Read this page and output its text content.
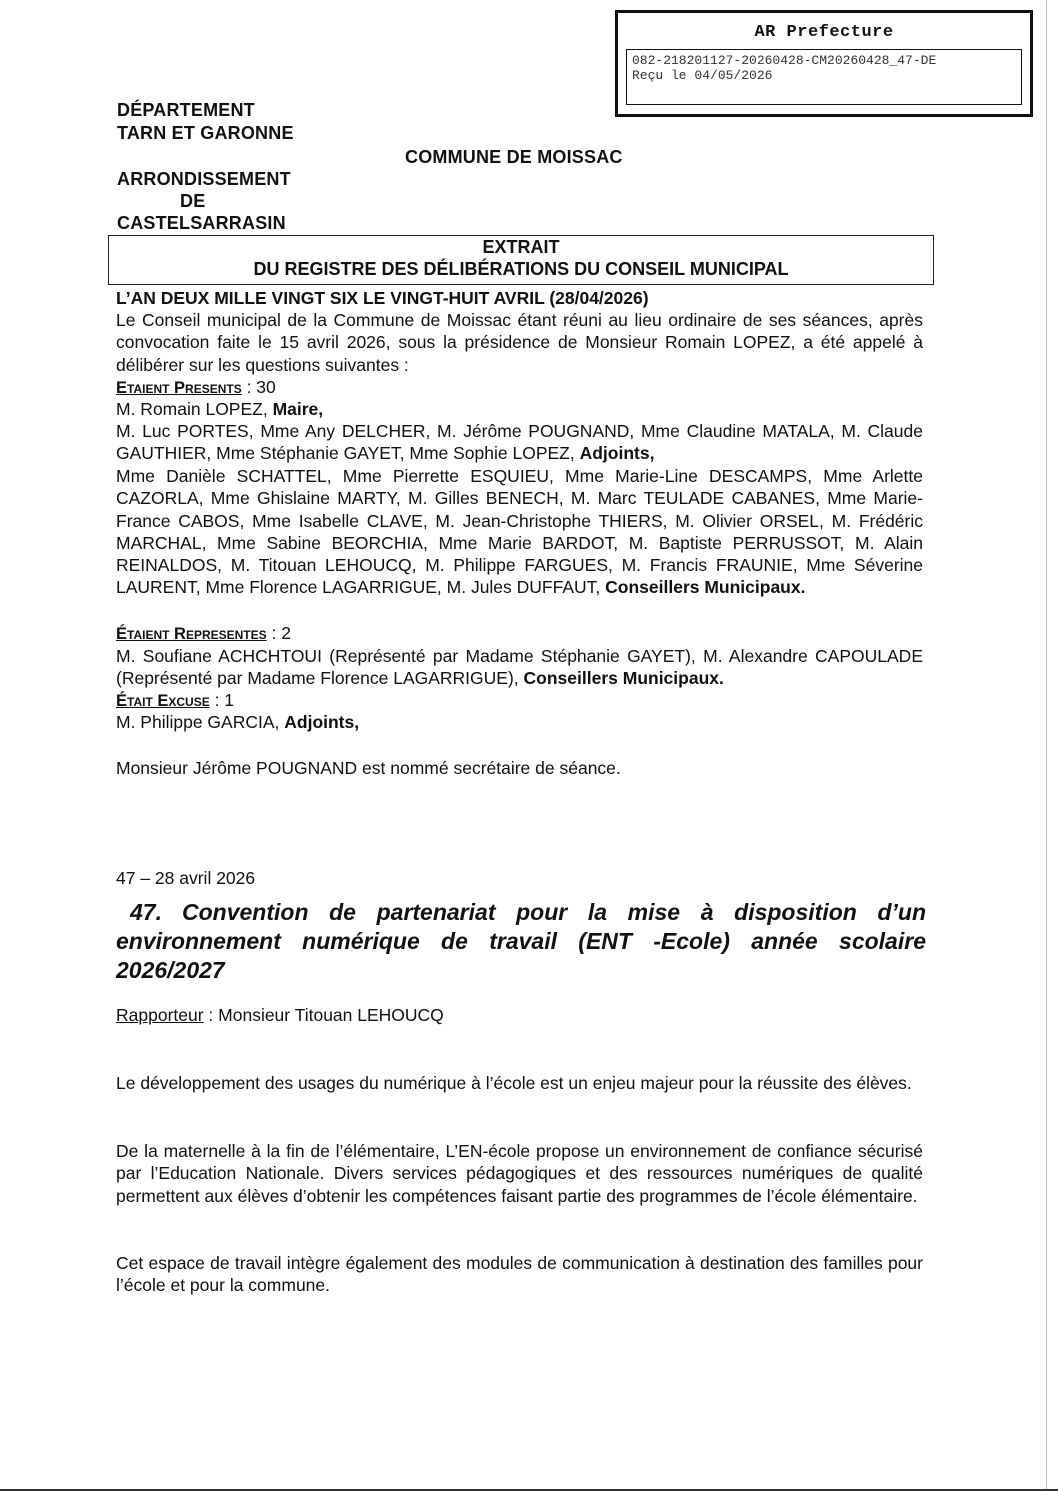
AR Prefecture
082-218201127-20260428-CM20260428_47-DE
Reçu le 04/05/2026
DÉPARTEMENT
TARN ET GARONNE
COMMUNE DE MOISSAC
ARRONDISSEMENT
DE
CASTELSARRASIN
EXTRAIT
DU REGISTRE DES DÉLIBÉRATIONS DU CONSEIL MUNICIPAL
L’AN DEUX MILLE VINGT SIX LE VINGT-HUIT AVRIL (28/04/2026)
Le Conseil municipal de la Commune de Moissac étant réuni au lieu ordinaire de ses séances, après convocation faite le 15 avril 2026, sous la présidence de Monsieur Romain LOPEZ, a été appelé à délibérer sur les questions suivantes :
Etaient Presents : 30
M. Romain LOPEZ, Maire,
M. Luc PORTES, Mme Any DELCHER, M. Jérôme POUGNAND, Mme Claudine MATALA, M. Claude GAUTHIER, Mme Stéphanie GAYET, Mme Sophie LOPEZ, Adjoints,
Mme Danièle SCHATTEL, Mme Pierrette ESQUIEU, Mme Marie-Line DESCAMPS, Mme Arlette CAZORLA, Mme Ghislaine MARTY, M. Gilles BENECH, M. Marc TEULADE CABANES, Mme Marie-France CABOS, Mme Isabelle CLAVE, M. Jean-Christophe THIERS, M. Olivier ORSEL, M. Frédéric MARCHAL, Mme Sabine BEORCHIA, Mme Marie BARDOT, M. Baptiste PERRUSSOT, M. Alain REINALDOS, M. Titouan LEHOUCQ, M. Philippe FARGUES, M. Francis FRAUNIE, Mme Séverine LAURENT, Mme Florence LAGARRIGUE, M. Jules DUFFAUT, Conseillers Municipaux.
Étaient Representes : 2
M. Soufiane ACHCHTOUI (Représenté par Madame Stéphanie GAYET), M. Alexandre CAPOULADE (Représenté par Madame Florence LAGARRIGUE), Conseillers Municipaux.
Était Excuse : 1
M. Philippe GARCIA, Adjoints,
Monsieur Jérôme POUGNAND est nommé secrétaire de séance.
47 – 28 avril 2026
47. Convention de partenariat pour la mise à disposition d’un environnement numérique de travail (ENT -Ecole) année scolaire 2026/2027
Rapporteur : Monsieur Titouan LEHOUCQ
Le développement des usages du numérique à l’école est un enjeu majeur pour la réussite des élèves.
De la maternelle à la fin de l’élémentaire, L’EN-école propose un environnement de confiance sécurisé par l’Education Nationale. Divers services pédagogiques et des ressources numériques de qualité permettent aux élèves d’obtenir les compétences faisant partie des programmes de l’école élémentaire.
Cet espace de travail intègre également des modules de communication à destination des familles pour l’école et pour la commune.
